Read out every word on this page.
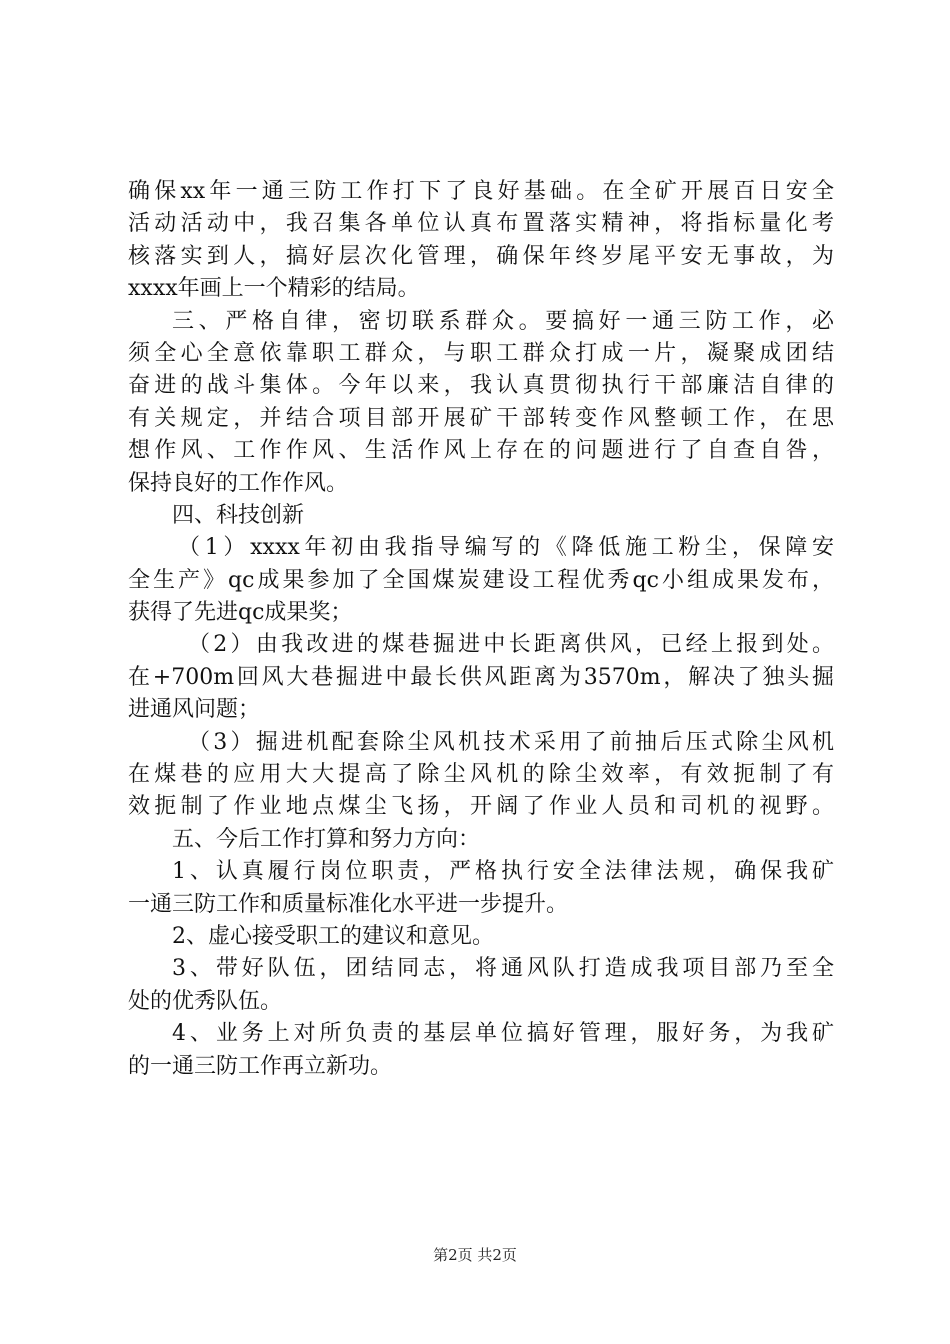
确保xx年一通三防工作打下了良好基础。在全矿开展百日安全
活动活动中，我召集各单位认真布置落实精神，将指标量化考
核落实到人，搞好层次化管理，确保年终岁尾平安无事故，为
xxxx年画上一个精彩的结局。
三、严格自律，密切联系群众。要搞好一通三防工作，必
须全心全意依靠职工群众，与职工群众打成一片，凝聚成团结
奋进的战斗集体。今年以来，我认真贯彻执行干部廉洁自律的
有关规定，并结合项目部开展矿干部转变作风整顿工作，在思
想作风、工作作风、生活作风上存在的问题进行了自查自咎，
保持良好的工作作风。
四、科技创新
（1）xxxx年初由我指导编写的《降低施工粉尘，保障安
全生产》qc成果参加了全国煤炭建设工程优秀qc小组成果发布，
获得了先进qc成果奖；
（2）由我改进的煤巷掘进中长距离供风，已经上报到处。
在+700m回风大巷掘进中最长供风距离为3570m，解决了独头掘
进通风问题；
（3）掘进机配套除尘风机技术采用了前抽后压式除尘风机
在煤巷的应用大大提高了除尘风机的除尘效率，有效扼制了有
效扼制了作业地点煤尘飞扬，开阔了作业人员和司机的视野。
五、今后工作打算和努力方向：
1、认真履行岗位职责，严格执行安全法律法规，确保我矿
一通三防工作和质量标准化水平进一步提升。
2、虚心接受职工的建议和意见。
3、带好队伍，团结同志，将通风队打造成我项目部乃至全
处的优秀队伍。
4、业务上对所负责的基层单位搞好管理，服好务，为我矿
的一通三防工作再立新功。
第2页 共2页
